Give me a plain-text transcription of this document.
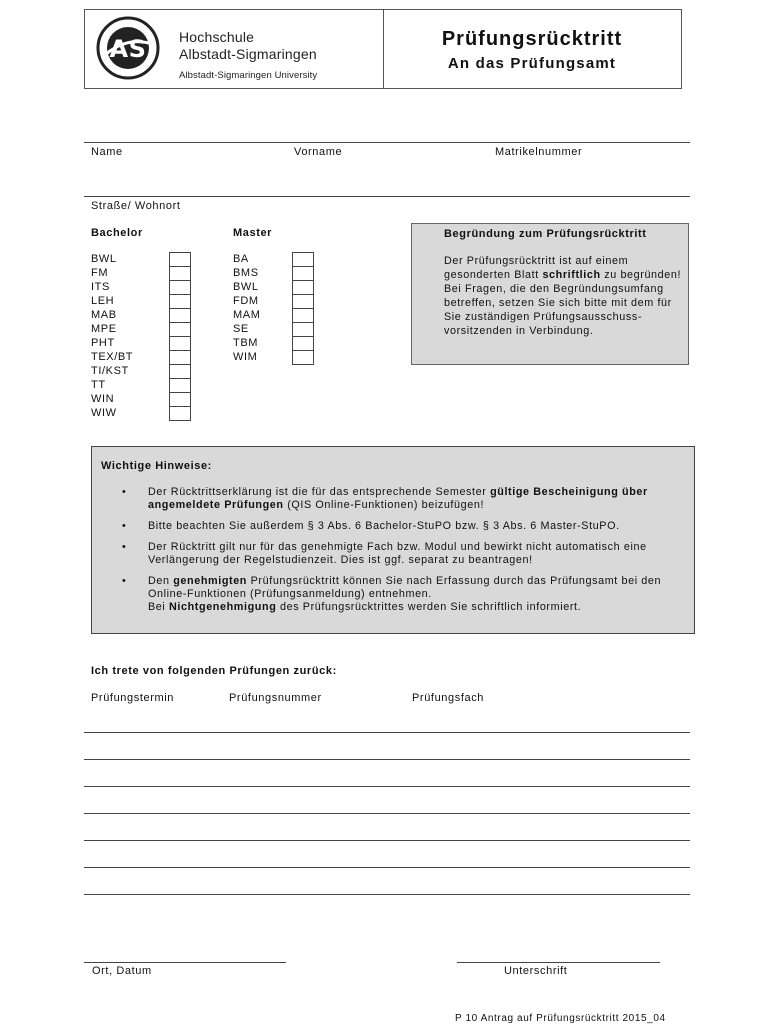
AS Hochschule
Albstadt-Sigmaringen
Albstadt-Sigmaringen University
Prüfungsrücktritt
An das Prüfungsamt
Name	Vorname	Matrikelnummer
Straße/ Wohnort
Bachelor
BWL
FM
ITS
LEH
MAB
MPE
PHT
TEX/BT
TI/KST
TT
WIN
WIW
Master
BA
BMS
BWL
FDM
MAM
SE
TBM
WIM
Begründung zum Prüfungsrücktritt
Der Prüfungsrücktritt ist auf einem gesonderten Blatt schriftlich zu begründen!
Bei Fragen, die den Begründungsumfang betreffen, setzen Sie sich bitte mit dem für Sie zuständigen Prüfungsausschuss-vorsitzenden in Verbindung.
Wichtige Hinweise:
• Der Rücktrittserklärung ist die für das entsprechende Semester gültige Bescheinigung über angemeldete Prüfungen (QIS Online-Funktionen) beizufügen!
• Bitte beachten Sie außerdem § 3 Abs. 6 Bachelor-StuPO bzw. § 3 Abs. 6 Master-StuPO.
• Der Rücktritt gilt nur für das genehmigte Fach bzw. Modul und bewirkt nicht automatisch eine Verlängerung der Regelstudienzeit. Dies ist ggf. separat zu beantragen!
• Den genehmigten Prüfungsrücktritt können Sie nach Erfassung durch das Prüfungsamt bei den Online-Funktionen (Prüfungsanmeldung) entnehmen.
Bei Nichtgenehmigung des Prüfungsrücktrittes werden Sie schriftlich informiert.
Ich trete von folgenden Prüfungen zurück:
Prüfungstermin	Prüfungsnummer	Prüfungsfach
Ort, Datum	Unterschrift
P 10 Antrag auf Prüfungsrücktritt 2015_04
